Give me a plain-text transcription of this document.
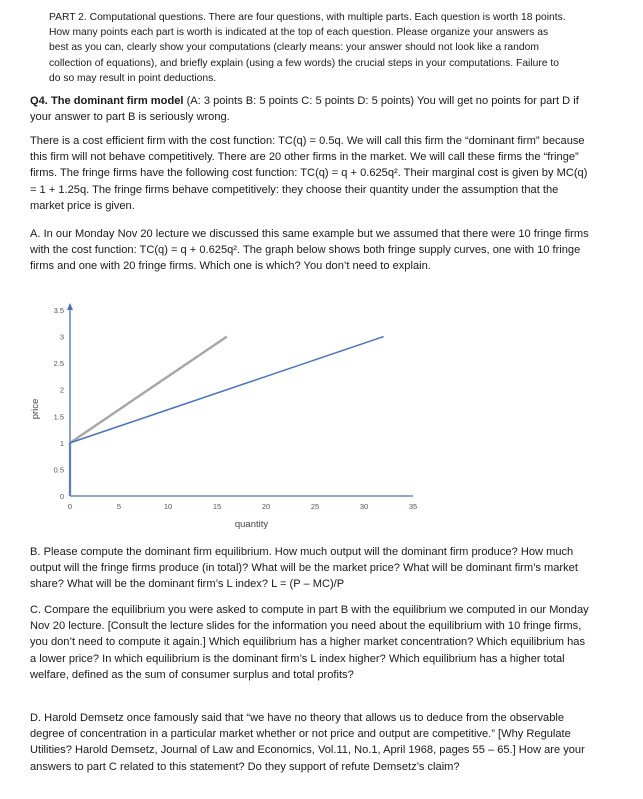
PART 2. Computational questions. There are four questions, with multiple parts. Each question is worth 18 points. How many points each part is worth is indicated at the top of each question. Please organize your answers as best as you can, clearly show your computations (clearly means: your answer should not look like a random collection of equations), and briefly explain (using a few words) the crucial steps in your computations. Failure to do so may result in point deductions.

Q4. The dominant firm model (A: 3 points B: 5 points C: 5 points D: 5 points) You will get no points for part D if your answer to part B is seriously wrong.

There is a cost efficient firm with the cost function: TC(q) = 0.5q. We will call this firm the “dominant firm” because this firm will not behave competitively. There are 20 other firms in the market. We will call these firms the “fringe” firms. The fringe firms have the following cost function: TC(q) = q + 0.625q². Their marginal cost is given by MC(q) = 1 + 1.25q. The fringe firms behave competitively: they choose their quantity under the assumption that the market price is given.

A. In our Monday Nov 20 lecture we discussed this same example but we assumed that there were 10 fringe firms with the cost function: TC(q) = q + 0.625q². The graph below shows both fringe supply curves, one with 10 fringe firms and one with 20 fringe firms. Which one is which? You don’t need to explain.

0
0.5
1
1.5
2
2.5
3
3.5
0	5	10	15	20	25	30	35
quantity
price

B. Please compute the dominant firm equilibrium. How much output will the dominant firm produce? How much output will the fringe firms produce (in total)? What will be the market price? What will be dominant firm’s market share? What will be the dominant firm’s L index? L = (P – MC)/P

C. Compare the equilibrium you were asked to compute in part B with the equilibrium we computed in our Monday Nov 20 lecture. [Consult the lecture slides for the information you need about the equilibrium with 10 fringe firms, you don’t need to compute it again.] Which equilibrium has a higher market concentration? Which equilibrium has a lower price? In which equilibrium is the dominant firm’s L index higher? Which equilibrium has a higher total welfare, defined as the sum of consumer surplus and total profits?

D. Harold Demsetz once famously said that “we have no theory that allows us to deduce from the observable degree of concentration in a particular market whether or not price and output are competitive.” [Why Regulate Utilities? Harold Demsetz, Journal of Law and Economics, Vol.11, No.1, April 1968, pages 55 – 65.] How are your answers to part C related to this statement? Do they support of refute Demsetz’s claim?
